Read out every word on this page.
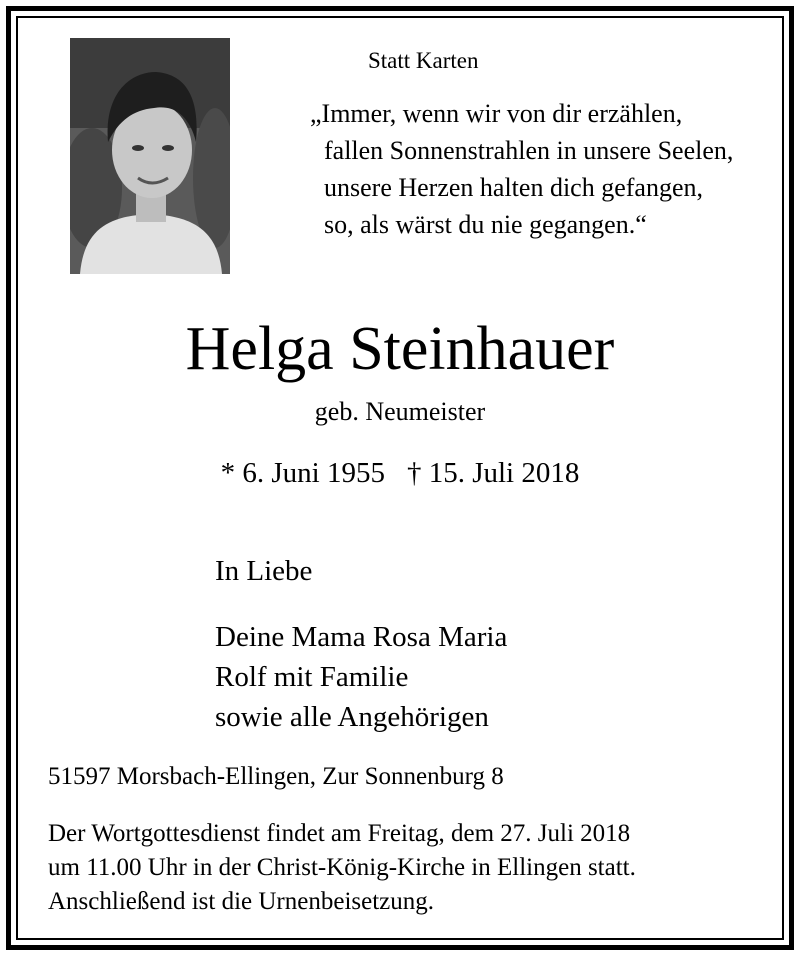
Statt Karten
„Immer, wenn wir von dir erzählen,
fallen Sonnenstrahlen in unsere Seelen,
unsere Herzen halten dich gefangen,
so, als wärst du nie gegangen.“
Helga Steinhauer
geb. Neumeister
* 6. Juni 1955 † 15. Juli 2018
In Liebe
Deine Mama Rosa Maria
Rolf mit Familie
sowie alle Angehörigen
51597 Morsbach-Ellingen, Zur Sonnenburg 8
Der Wortgottesdienst findet am Freitag, dem 27. Juli 2018
um 11.00 Uhr in der Christ-König-Kirche in Ellingen statt.
Anschließend ist die Urnenbeisetzung.
